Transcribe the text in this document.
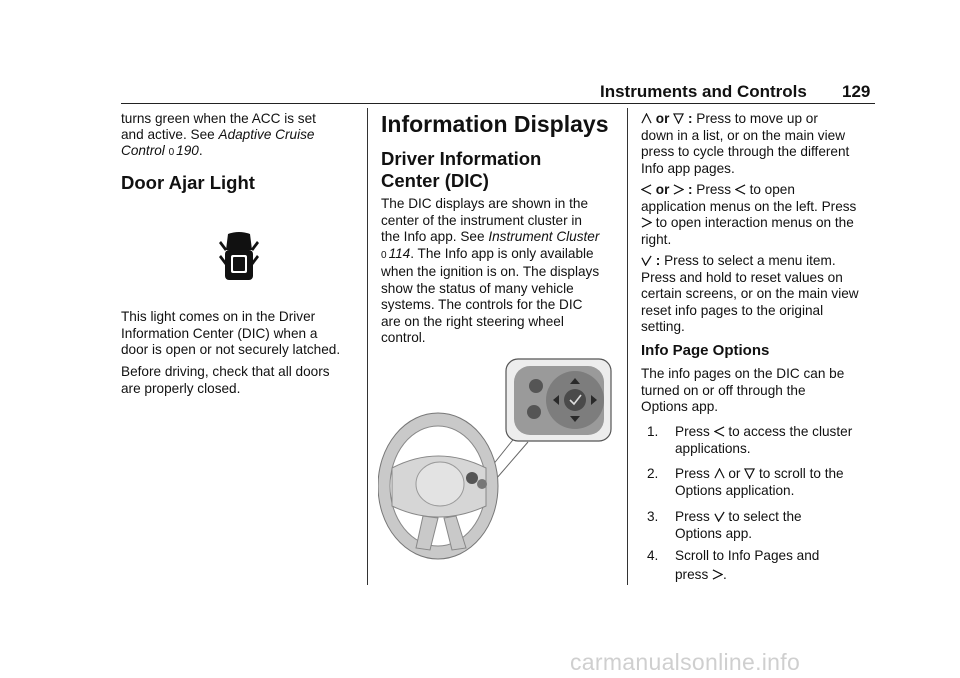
Instruments and Controls 129
turns green when the ACC is set
and active. See Adaptive Cruise
Control 0 190.
Door Ajar Light
This light comes on in the Driver
Information Center (DIC) when a
door is open or not securely latched.
Before driving, check that all doors
are properly closed.
Information Displays
Driver Information
Center (DIC)
The DIC displays are shown in the
center of the instrument cluster in
the Info app. See Instrument Cluster
0 114. The Info app is only available
when the ignition is on. The displays
show the status of many vehicle
systems. The controls for the DIC
are on the right steering wheel
control.
or : Press to move up or
down in a list, or on the main view
press to cycle through the different
Info app pages.
or : Press to open
application menus on the left. Press
to open interaction menus on the
right.
: Press to select a menu item.
Press and hold to reset values on
certain screens, or on the main view
reset info pages to the original
setting.
Info Page Options
The info pages on the DIC can be
turned on or off through the
Options app.
1. Press to access the cluster
applications.
2. Press or to scroll to the
Options application.
3. Press to select the
Options app.
4. Scroll to Info Pages and
press .
carmanualsonline.info
